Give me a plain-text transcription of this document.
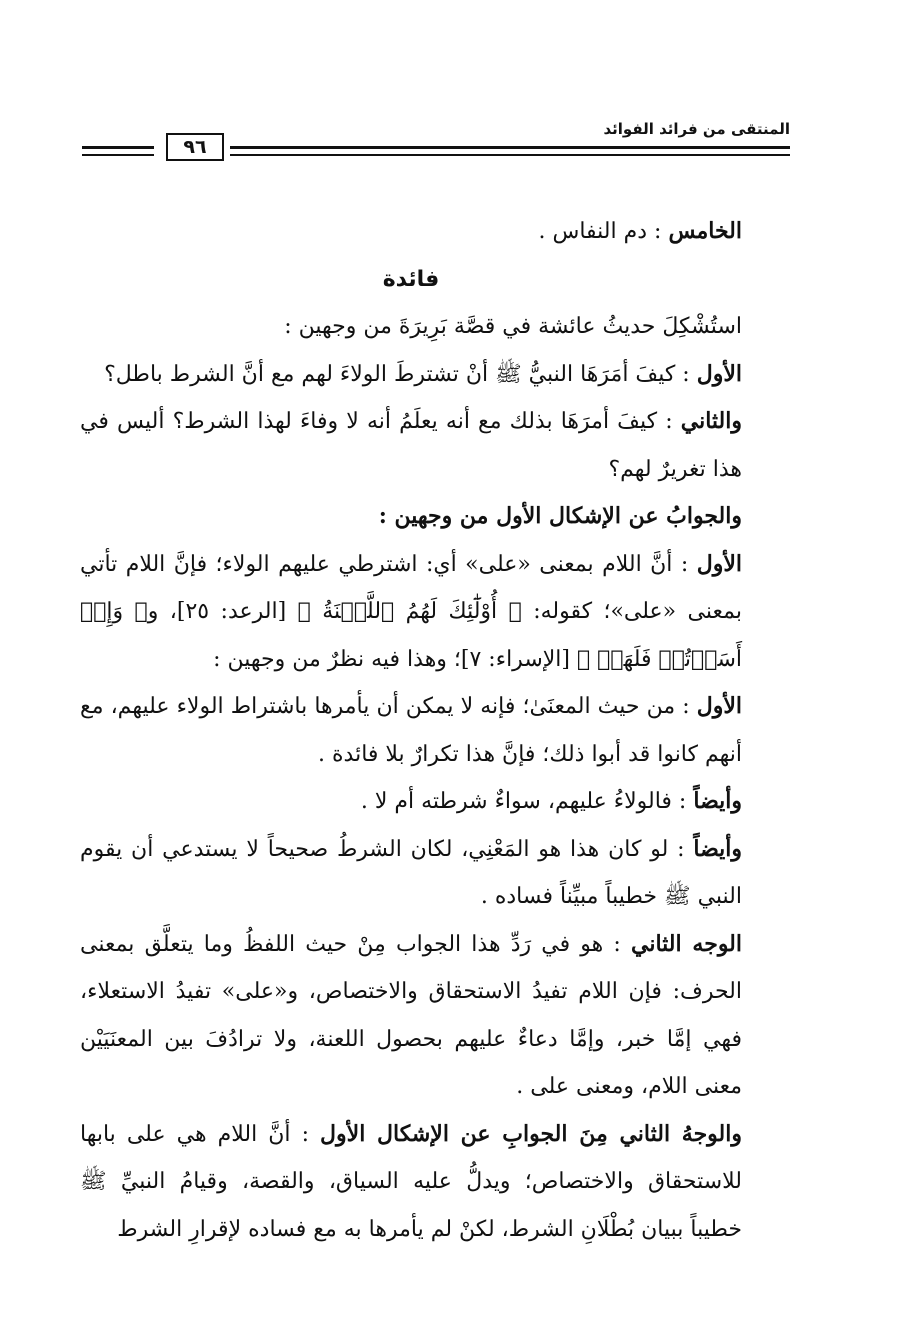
المنتقى من فرائد الفوائد
٩٦

الخامس : دم النفاس .

فائدة

استُشْكِلَ حديثُ عائشة في قصَّة بَرِيرَةَ من وجهين :

الأول : كيفَ أمَرَهَا النبيُّ ﷺ أنْ تشترطَ الولاءَ لهم مع أنَّ الشرط باطل؟

والثاني : كيفَ أمرَهَا بذلك مع أنه يعلَمُ أنه لا وفاءَ لهذا الشرط؟ أليس في هذا تغريرٌ لهم؟

والجوابُ عن الإشكال الأول من وجهين :

الأول : أنَّ اللام بمعنى «على» أي: اشترطي عليهم الولاء؛ فإنَّ اللام تأتي بمعنى «على»؛ كقوله: ﴿ أُوْلَٰٓئِكَ لَهُمُ ٱللَّعۡنَةُ ﴾ [الرعد: ٢٥]، و﴿ وَإِنۡ أَسَأۡتُمۡ فَلَهَاۚ ﴾ [الإسراء: ٧]؛ وهذا فيه نظرٌ من وجهين :

الأول : من حيث المعنَىٰ؛ فإنه لا يمكن أن يأمرها باشتراط الولاء عليهم، مع أنهم كانوا قد أبوا ذلك؛ فإنَّ هذا تكرارٌ بلا فائدة .

وأيضاً : فالولاءُ عليهم، سواءٌ شرطته أم لا .

وأيضاً : لو كان هذا هو المَعْنِي، لكان الشرطُ صحيحاً لا يستدعي أن يقوم النبي ﷺ خطيباً مبيِّناً فساده .

الوجه الثاني : هو في رَدِّ هذا الجواب مِنْ حيث اللفظُ وما يتعلَّق بمعنى الحرف: فإن اللام تفيدُ الاستحقاق والاختصاص، و«على» تفيدُ الاستعلاء، فهي إمَّا خبر، وإمَّا دعاءٌ عليهم بحصول اللعنة، ولا ترادُفَ بين المعنَيَيْن معنى اللام، ومعنى على .

والوجهُ الثاني مِنَ الجوابِ عن الإشكال الأول : أنَّ اللام هي على بابها للاستحقاق والاختصاص؛ ويدلُّ عليه السياق، والقصة، وقيامُ النبيِّ ﷺ خطيباً ببيان بُطْلَانِ الشرط، لكنْ لم يأمرها به مع فساده لإقرارِ الشرط
